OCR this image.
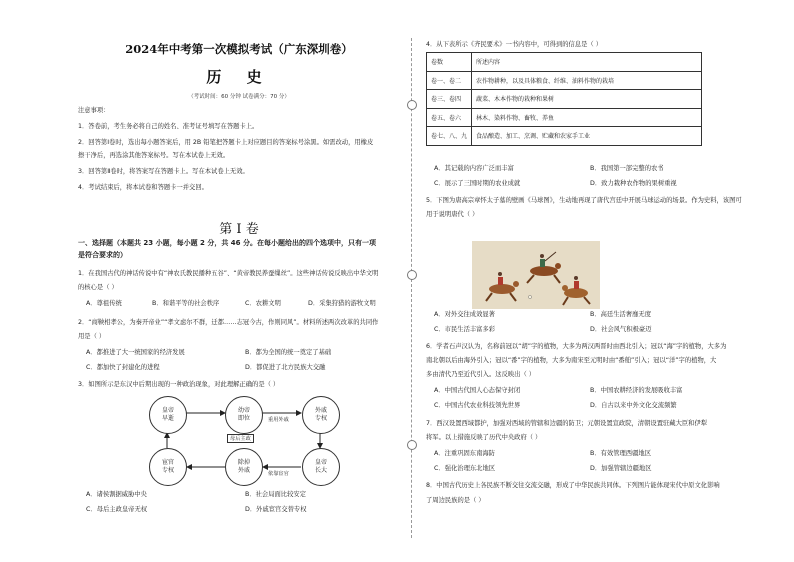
2024年中考第一次模拟考试（广东深圳卷）
历 史
（考试时间：60 分钟 试卷满分：70 分）
注意事项：
1．答卷前，考生务必将自己的姓名、准考证号填写在答题卡上。
2．回答第Ⅰ卷时，选出每小题答案后，用 2B 铅笔把答题卡上对应题目的答案标号涂黑。如需改动，用橡皮
擦干净后，再选涂其他答案标号。写在本试卷上无效。
3．回答第Ⅱ卷时，将答案写在答题卡上。写在本试卷上无效。
4．考试结束后，将本试卷和答题卡一并交回。
第 Ⅰ 卷
一、选择题（本题共 23 小题，每小题 2 分，共 46 分。在每小题给出的四个选项中，只有一项
是符合要求的）
1．在我国古代的神话传说中有“神农氏教民播种五谷”、“黄帝教民养蚕缫丝”。这些神话传说反映出中华文明
的核心是（ ）
A．尊祖传统	B．和谐平等的社会秩序	C．农耕文明	D．采集狩猎的游牧文明
2．“商鞅相孝公，为秦开帝业”“孝文虑尔不群，迁都……志冠今古，作则同风”。材料所述两次改革的共同作
用是（ ）
A．都推进了大一统国家的经济发展	B．都为全国的统一奠定了基础
C．都加快了封建化的进程	D．都促进了北方民族大交融
3．如图所示是东汉中后期出现的一种政治现象，对此理解正确的是（ ）
A．诸侯割据威胁中央	B．社会局面比较安定
C．母后主政皇帝无权	D．外戚宦官交替专权
皇帝
早逝
幼帝
即位
外戚
专权
宦官
专权
除掉
外戚
皇帝
长大
母后主政
重用外戚
依靠宦官
4．从下表所示《齐民要术》一书内容中，可得到的信息是（ ）
卷数	所述内容
卷一、卷二	农作物耕种，以及具体粮食、纤维、油料作物的栽培
卷三、卷四	蔬菜、木本作物的栽种和果树
卷五、卷六	林木、染料作物、畜牧、养鱼
卷七、八、九	食品酿造、加工、烹调、贮藏和农家手工业
A．其记载的内容广泛而丰富	B．我国第一部完整的农书
C．展示了三国时期的农业成就	D．致力栽种农作物的果树重视
5．下图为唐高宗章怀太子墓的壁画《马球图》，生动地再现了唐代宫廷中开展马球运动的场景。作为史料，该图可
用于说明唐代（ ）
A．对外交往成效显著	B．高廷生活奢靡无度
C．市民生活丰富多彩	D．社会风气积极豪迈
6．学者石声汉认为，名称前冠以“胡”字的植物，大多为两汉两晋时由西北引入；冠以“海”字的植物，大多为
南北朝以后由海外引入；冠以“番”字的植物，大多为南宋至元明时由“番舶”引入；冠以“洋”字的植物，大
多由清代乃至近代引入。这反映出（ ）
A．中国古代国人心态保守封闭	B．中国农耕经济的发展吸收丰富
C．中国古代农业科技领先世界	D．自古以来中外文化交流频繁
7．西汉设置西域都护，加强对西域的管辖和边疆的防卫；元朝设置宣政院，清朝设置驻藏大臣和伊犁
将军。以上措施反映了历代中央政府（ ）
A．注重巩固东南海防	B．有效管理西疆地区
C．强化治理东北地区	D．加强管辖边疆地区
8．中国古代历史上各民族不断交往交流交融，形成了中华民族共同体。下列图片能体现宋代中原文化影响
了周边民族的是（ ）
